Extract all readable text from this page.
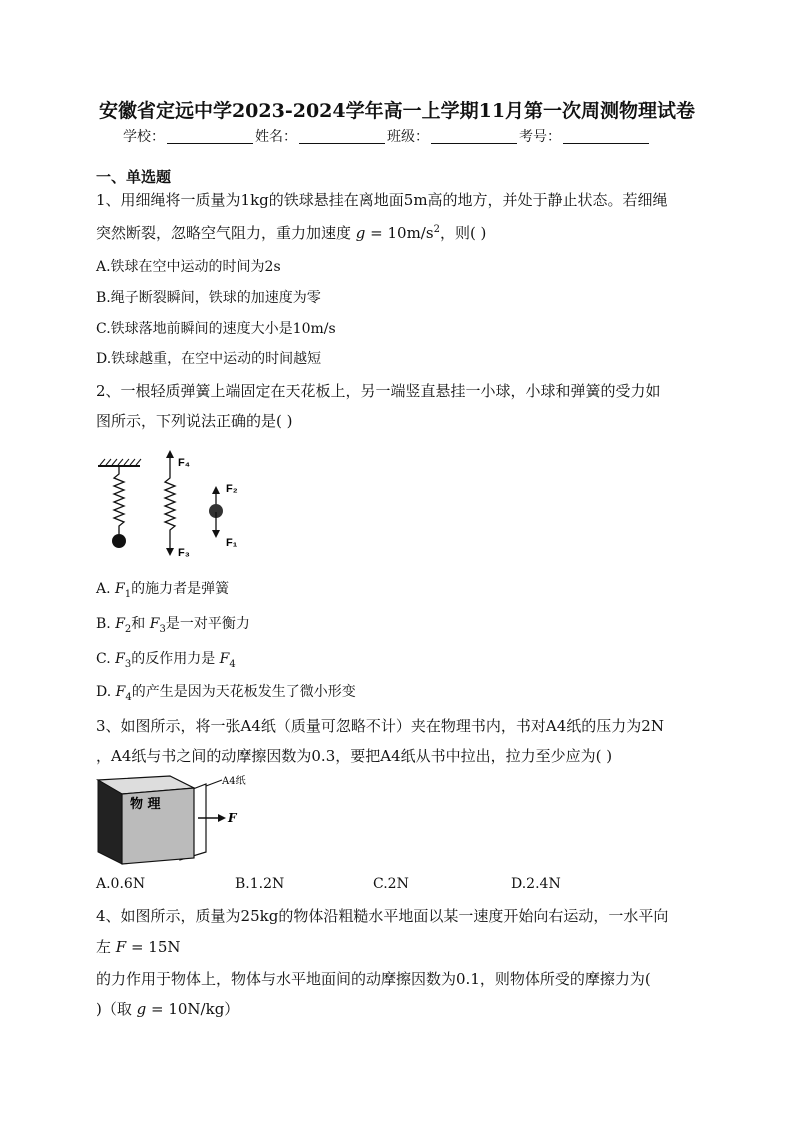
安徽省定远中学2023-2024学年高一上学期11月第一次周测物理试卷
学校：	姓名：	班级：	考号：
一、单选题
1、用细绳将一质量为1kg的铁球悬挂在离地面5m高的地方，并处于静止状态。若细绳
突然断裂，忽略空气阻力，重力加速度 $g = 10m/s^2$，则( )
A.铁球在空中运动的时间为2s
B.绳子断裂瞬间，铁球的加速度为零
C.铁球落地前瞬间的速度大小是10m/s
D.铁球越重，在空中运动的时间越短
2、一根轻质弹簧上端固定在天花板上，另一端竖直悬挂一小球，小球和弹簧的受力如
图所示，下列说法正确的是( )
F₄
F₃
F₂
F₁
A. $F_1$的施力者是弹簧
B. $F_2$和 $F_3$是一对平衡力
C. $F_3$的反作用力是 $F_4$
D. $F_4$的产生是因为天花板发生了微小形变
3、如图所示，将一张A4纸（质量可忽略不计）夹在物理书内，书对A4纸的压力为2N
，A4纸与书之间的动摩擦因数为0.3，要把A4纸从书中拉出，拉力至少应为( )
物 理
A4纸
F
A.0.6N	B.1.2N	C.2N	D.2.4N
4、如图所示，质量为25kg的物体沿粗糙水平地面以某一速度开始向右运动，一水平向
左 F = 15N
的力作用于物体上，物体与水平地面间的动摩擦因数为0.1，则物体所受的摩擦力为(
)（取 g = 10N/kg）
